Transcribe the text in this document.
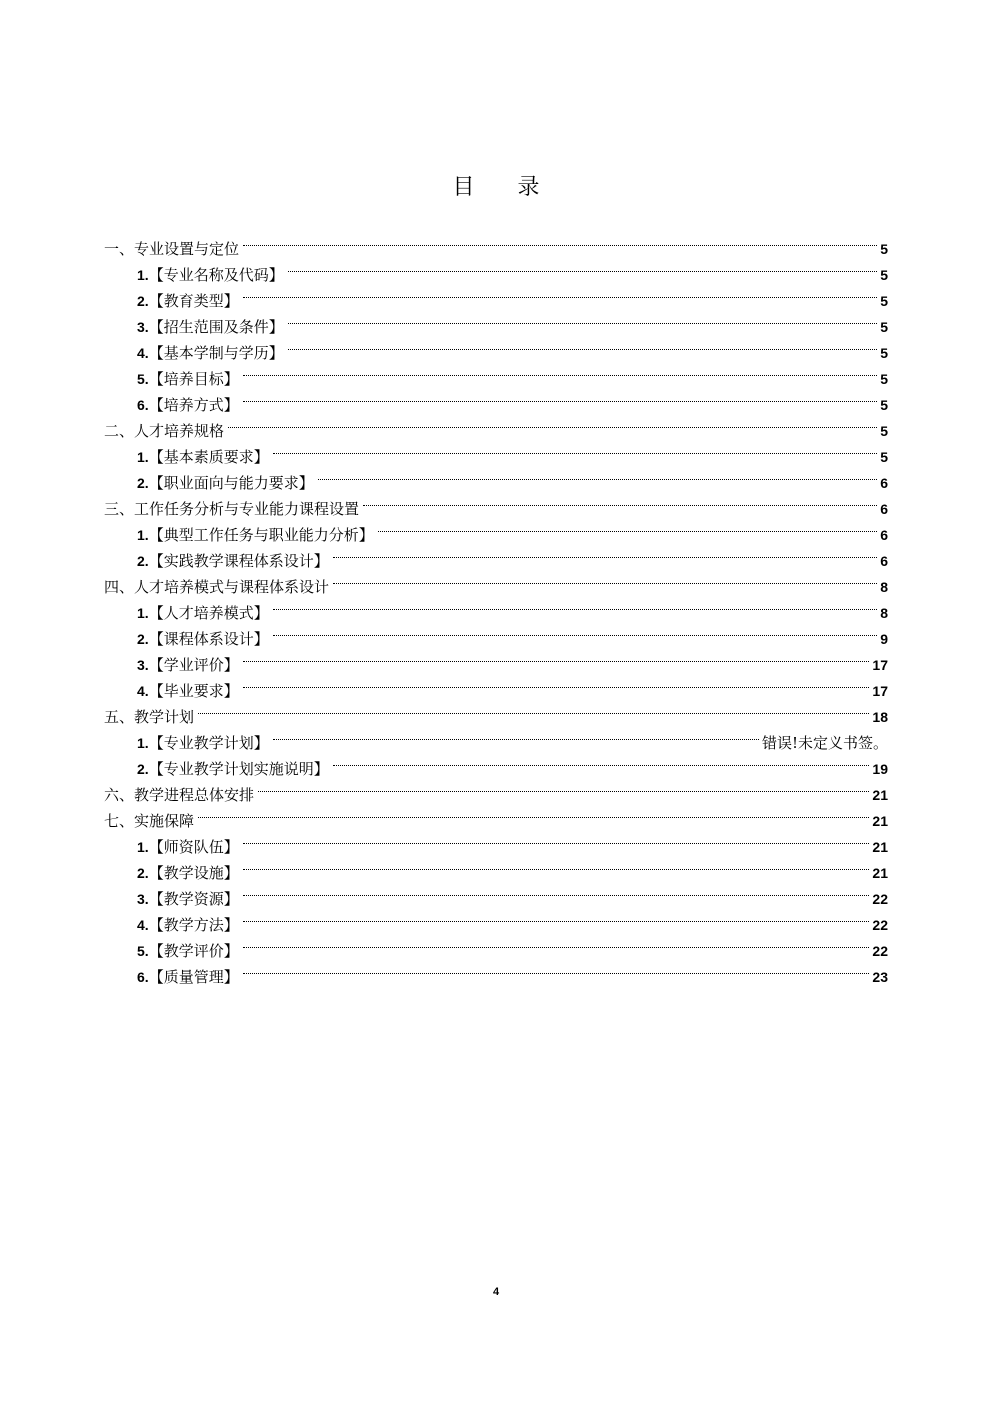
目 录
一、专业设置与定位	5
1. 【专业名称及代码】	5
2. 【教育类型】	5
3. 【招生范围及条件】	5
4. 【基本学制与学历】	5
5. 【培养目标】	5
6. 【培养方式】	5
二、人才培养规格	5
1. 【基本素质要求】	5
2. 【职业面向与能力要求】	6
三、工作任务分析与专业能力课程设置	6
1. 【典型工作任务与职业能力分析】	6
2. 【实践教学课程体系设计】	6
四、人才培养模式与课程体系设计	8
1. 【人才培养模式】	8
2. 【课程体系设计】	9
3. 【学业评价】	17
4. 【毕业要求】	17
五、教学计划	18
1. 【专业教学计划】	错误!未定义书签。
2. 【专业教学计划实施说明】	19
六、教学进程总体安排	21
七、实施保障	21
1. 【师资队伍】	21
2. 【教学设施】	21
3. 【教学资源】	22
4. 【教学方法】	22
5. 【教学评价】	22
6. 【质量管理】	23
4
